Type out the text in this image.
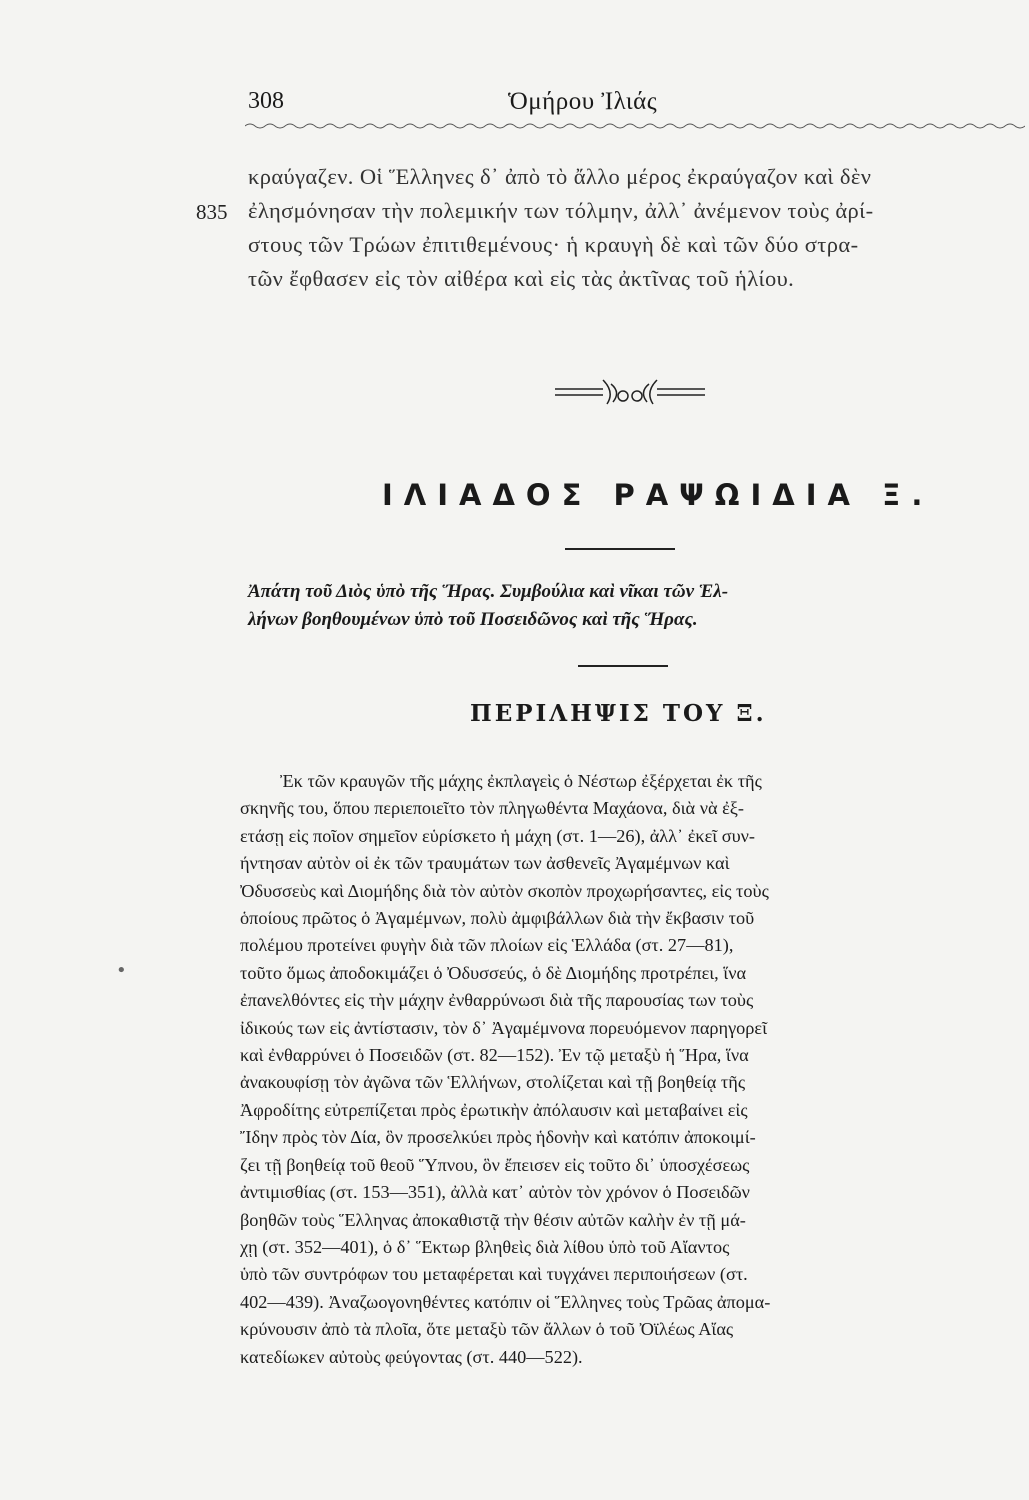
308	Ὁμήρου Ἰλιάς
835
κραύγαζεν. Οἱ Ἕλληνες δ᾽ ἀπὸ τὸ ἄλλο μέρος ἐκραύγαζον καὶ δὲν
ἐλησμόνησαν τὴν πολεμικήν των τόλμην, ἀλλ᾽ ἀνέμενον τοὺς ἀρί-
στους τῶν Τρώων ἐπιτιθεμένους· ἡ κραυγὴ δὲ καὶ τῶν δύο στρα-
τῶν ἔφθασεν εἰς τὸν αἰθέρα καὶ εἰς τὰς ἀκτῖνας τοῦ ἡλίου.
ΙΛΙΑΔΟΣ ΡΑΨΩΙΔΙΑ Ξ.
Ἀπάτη τοῦ Διὸς ὑπὸ τῆς Ἥρας. Συμβούλια καὶ νῖκαι τῶν Ἑλ-
λήνων βοηθουμένων ὑπὸ τοῦ Ποσειδῶνος καὶ τῆς Ἥρας.
ΠΕΡΙΛΗΨΙΣ ΤΟΥ Ξ.
•
Ἐκ τῶν κραυγῶν τῆς μάχης ἐκπλαγεὶς ὁ Νέστωρ ἐξέρχεται ἐκ τῆς
σκηνῆς του, ὅπου περιεποιεῖτο τὸν πληγωθέντα Μαχάονα, διὰ νὰ ἐξ-
ετάσῃ εἰς ποῖον σημεῖον εὑρίσκετο ἡ μάχη (στ. 1—26), ἀλλ᾽ ἐκεῖ συν-
ήντησαν αὐτὸν οἱ ἐκ τῶν τραυμάτων των ἀσθενεῖς Ἀγαμέμνων καὶ
Ὀδυσσεὺς καὶ Διομήδης διὰ τὸν αὐτὸν σκοπὸν προχωρήσαντες, εἰς τοὺς
ὁποίους πρῶτος ὁ Ἀγαμέμνων, πολὺ ἀμφιβάλλων διὰ τὴν ἔκβασιν τοῦ
πολέμου προτείνει φυγὴν διὰ τῶν πλοίων εἰς Ἑλλάδα (στ. 27—81),
τοῦτο ὅμως ἀποδοκιμάζει ὁ Ὀδυσσεύς, ὁ δὲ Διομήδης προτρέπει, ἵνα
ἐπανελθόντες εἰς τὴν μάχην ἐνθαρρύνωσι διὰ τῆς παρουσίας των τοὺς
ἰδικούς των εἰς ἀντίστασιν, τὸν δ᾽ Ἀγαμέμνονα πορευόμενον παρηγορεῖ
καὶ ἐνθαρρύνει ὁ Ποσειδῶν (στ. 82—152). Ἐν τῷ μεταξὺ ἡ Ἥρα, ἵνα
ἀνακουφίσῃ τὸν ἀγῶνα τῶν Ἑλλήνων, στολίζεται καὶ τῇ βοηθείᾳ τῆς
Ἀφροδίτης εὐτρεπίζεται πρὸς ἐρωτικὴν ἀπόλαυσιν καὶ μεταβαίνει εἰς
Ἴδην πρὸς τὸν Δία, ὃν προσελκύει πρὸς ἡδονὴν καὶ κατόπιν ἀποκοιμί-
ζει τῇ βοηθείᾳ τοῦ θεοῦ Ὕπνου, ὃν ἔπεισεν εἰς τοῦτο δι᾽ ὑποσχέσεως
ἀντιμισθίας (στ. 153—351), ἀλλὰ κατ᾽ αὐτὸν τὸν χρόνον ὁ Ποσειδῶν
βοηθῶν τοὺς Ἕλληνας ἀποκαθιστᾷ τὴν θέσιν αὐτῶν καλὴν ἐν τῇ μά-
χῃ (στ. 352—401), ὁ δ᾽ Ἕκτωρ βληθεὶς διὰ λίθου ὑπὸ τοῦ Αἴαντος
ὑπὸ τῶν συντρόφων του μεταφέρεται καὶ τυγχάνει περιποιήσεων (στ.
402—439). Ἀναζωογονηθέντες κατόπιν οἱ Ἕλληνες τοὺς Τρῶας ἀπομα-
κρύνουσιν ἀπὸ τὰ πλοῖα, ὅτε μεταξὺ τῶν ἄλλων ὁ τοῦ Ὀϊλέως Αἴας
κατεδίωκεν αὐτοὺς φεύγοντας (στ. 440—522).
